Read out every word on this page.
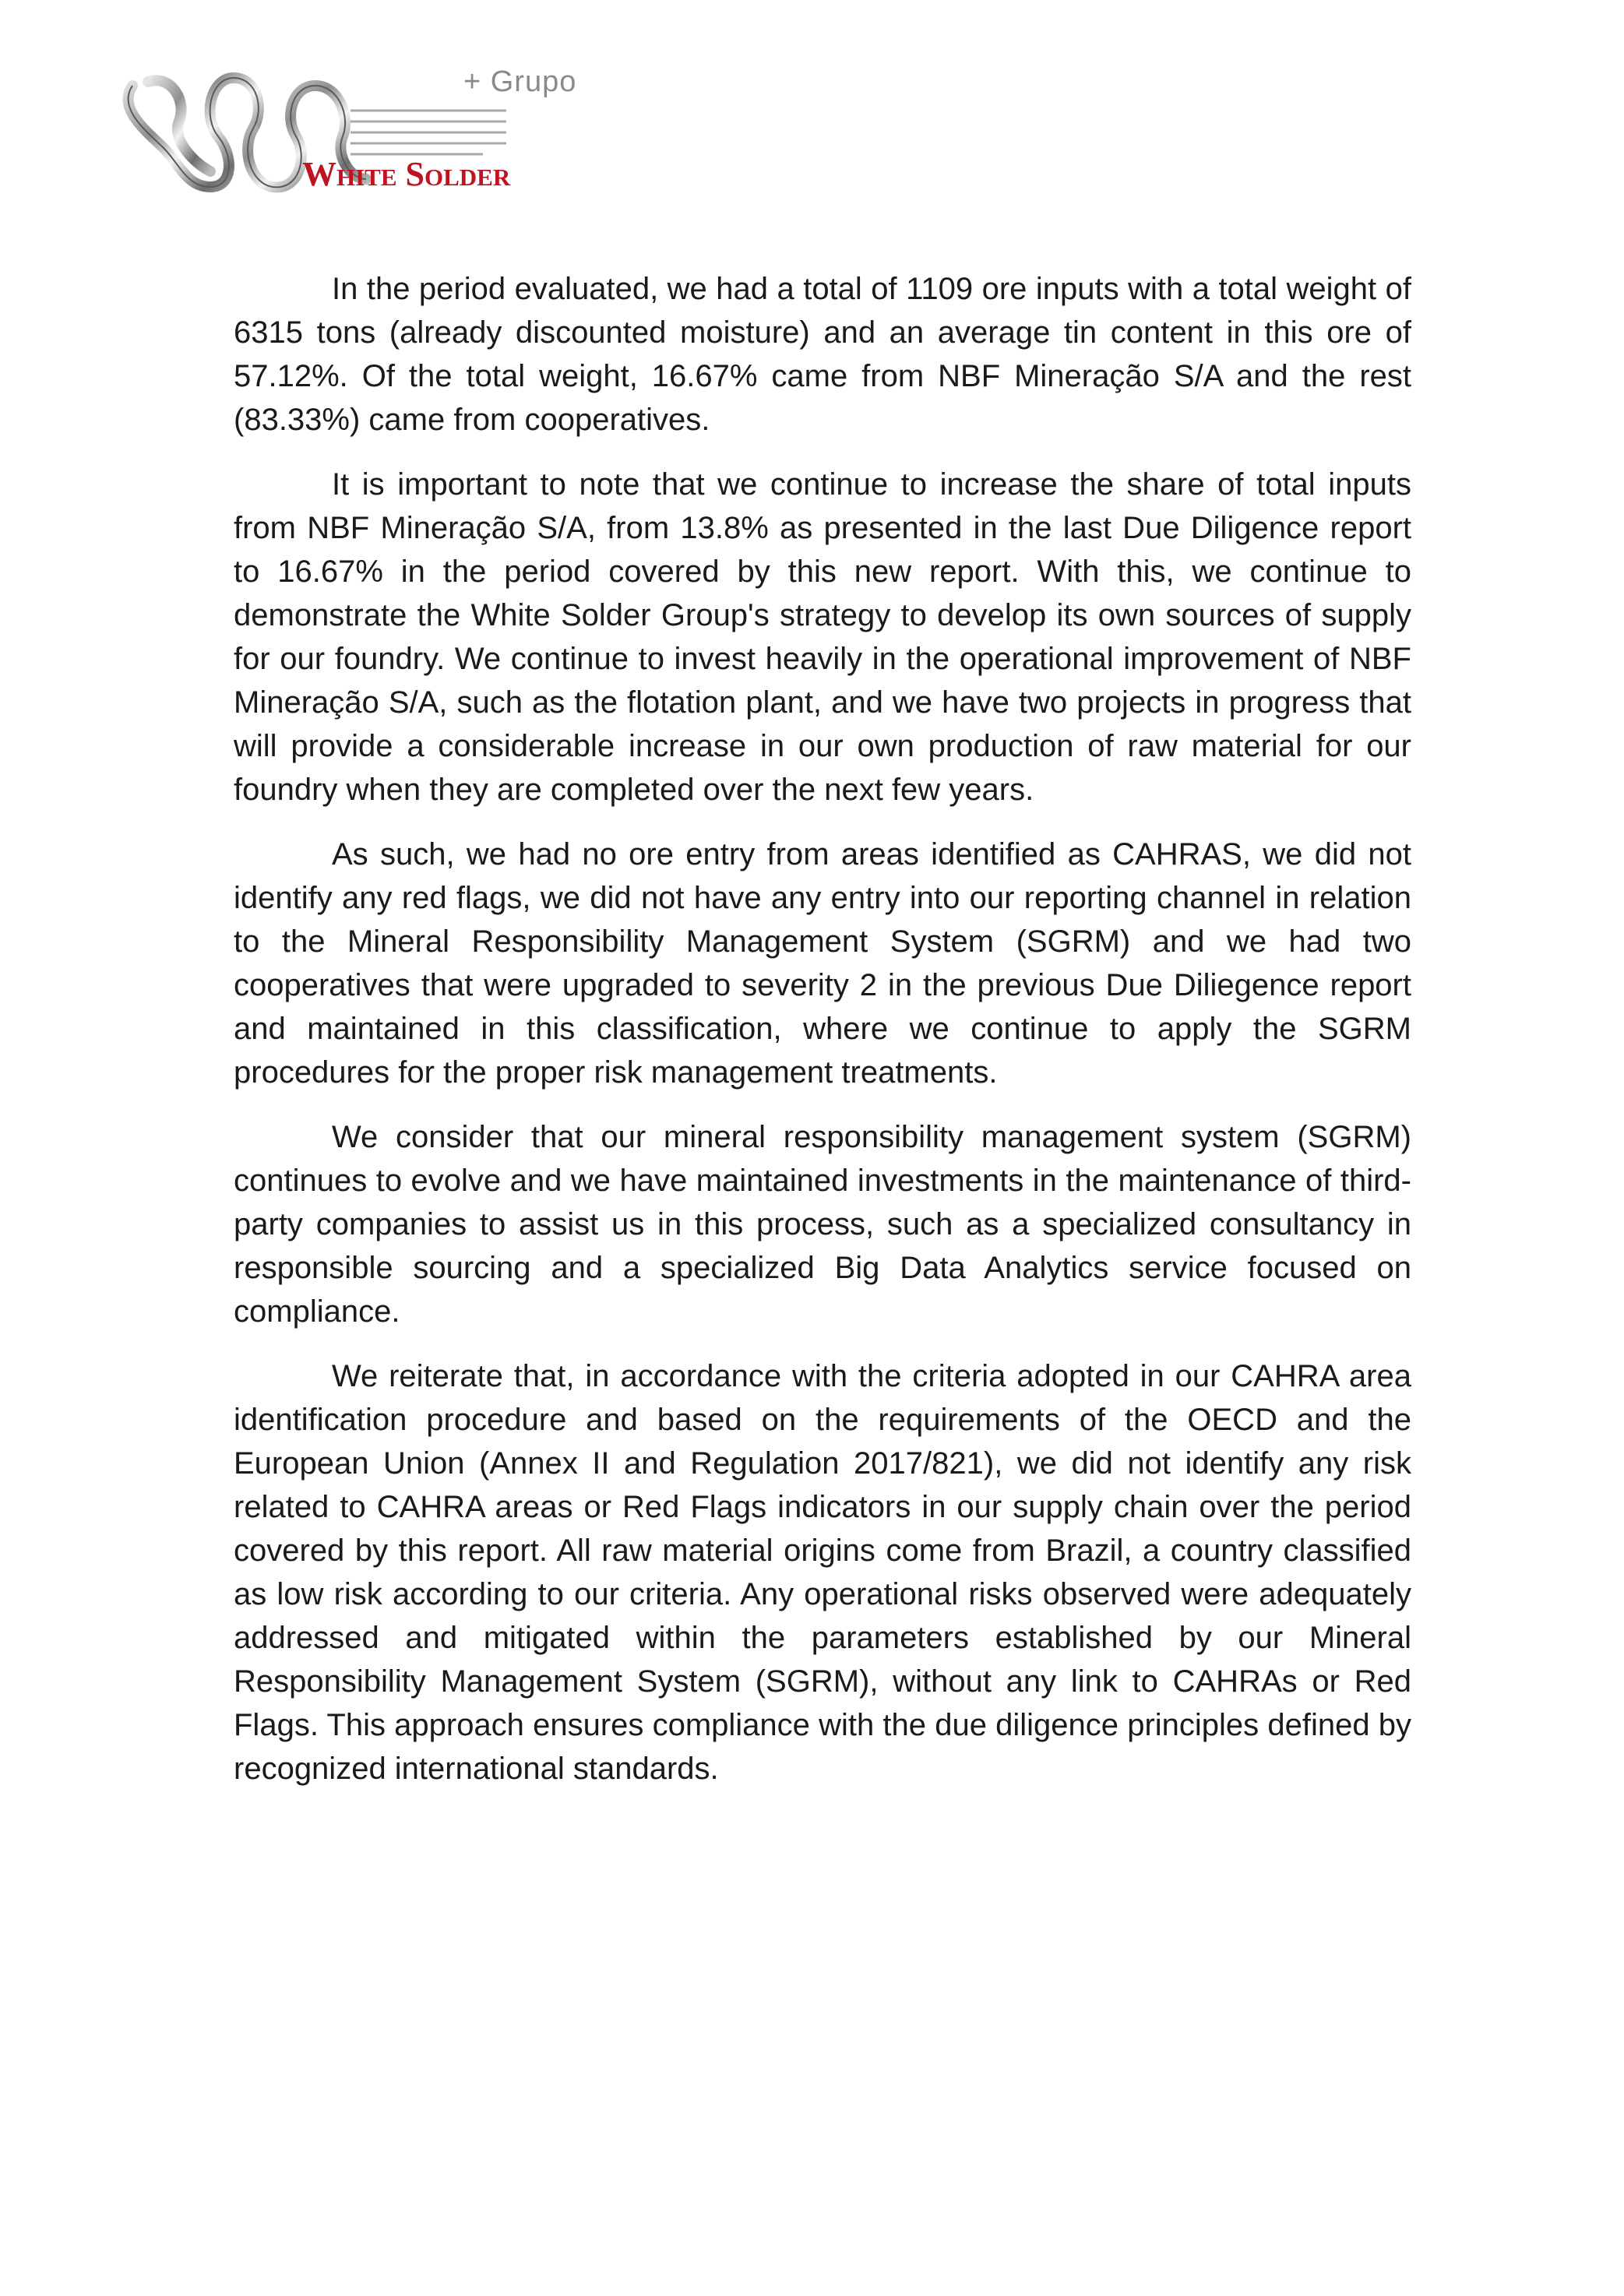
+ Grupo
White Solder

In the period evaluated, we had a total of 1109 ore inputs with a total weight of 6315 tons (already discounted moisture) and an average tin content in this ore of 57.12%. Of the total weight, 16.67% came from NBF Mineração S/A and the rest (83.33%) came from cooperatives.

It is important to note that we continue to increase the share of total inputs from NBF Mineração S/A, from 13.8% as presented in the last Due Diligence report to 16.67% in the period covered by this new report. With this, we continue to demonstrate the White Solder Group's strategy to develop its own sources of supply for our foundry. We continue to invest heavily in the operational improvement of NBF Mineração S/A, such as the flotation plant, and we have two projects in progress that will provide a considerable increase in our own production of raw material for our foundry when they are completed over the next few years.

As such, we had no ore entry from areas identified as CAHRAS, we did not identify any red flags, we did not have any entry into our reporting channel in relation to the Mineral Responsibility Management System (SGRM) and we had two cooperatives that were upgraded to severity 2 in the previous Due Diliegence report and maintained in this classification, where we continue to apply the SGRM procedures for the proper risk management treatments.

We consider that our mineral responsibility management system (SGRM) continues to evolve and we have maintained investments in the maintenance of third-party companies to assist us in this process, such as a specialized consultancy in responsible sourcing and a specialized Big Data Analytics service focused on compliance.

We reiterate that, in accordance with the criteria adopted in our CAHRA area identification procedure and based on the requirements of the OECD and the European Union (Annex II and Regulation 2017/821), we did not identify any risk related to CAHRA areas or Red Flags indicators in our supply chain over the period covered by this report. All raw material origins come from Brazil, a country classified as low risk according to our criteria. Any operational risks observed were adequately addressed and mitigated within the parameters established by our Mineral Responsibility Management System (SGRM), without any link to CAHRAs or Red Flags. This approach ensures compliance with the due diligence principles defined by recognized international standards.
